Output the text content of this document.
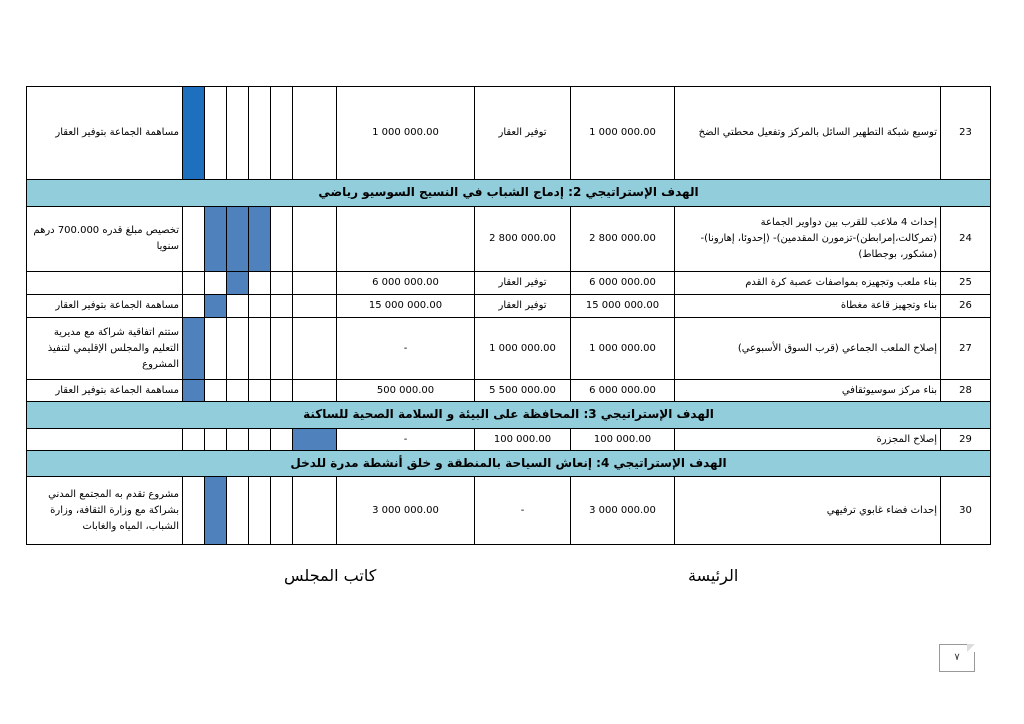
مساهمة الجماعة بتوفير العقار							1 000 000.00	توفير العقار	1 000 000.00	توسيع شبكة التطهير السائل بالمركز وتفعيل محطتي الضخ	23
الهدف الإستراتيجي 2: إدماج الشباب في النسيج السوسيو رياضي											
تخصيص مبلغ قدره 700.000 درهم سنويا								2 800 000.00	2 800 000.00	إحداث 4 ملاعب للقرب بين دواوير الجماعة (تمركالت،إمرابطن)-تزمورن المقدمين)- (إحدوئا، إهارونا)-(مشكور، بوجطاط)	24
							6 000 000.00	توفير العقار	6 000 000.00	بناء ملعب وتجهيزه بمواصفات عصبة كرة القدم	25
مساهمة الجماعة بتوفير العقار							15 000 000.00	توفير العقار	15 000 000.00	بناء وتجهيز قاعة مغطاة	26
ستتم اتفاقية شراكة مع مديرية التعليم والمجلس الإقليمي لتنفيذ المشروع							-	1 000 000.00	1 000 000.00	إصلاح الملعب الجماعي (قرب السوق الأسبوعي)	27
مساهمة الجماعة بتوفير العقار							500 000.00	5 500 000.00	6 000 000.00	بناء مركز سوسيوثقافي	28
الهدف الإستراتيجي 3: المحافظة على البيئة و السلامة الصحية للساكنة											
							-	100 000.00	100 000.00	إصلاح المجزرة	29
الهدف الإستراتيجي 4: إنعاش السياحة بالمنطقة و خلق أنشطة مدرة للدخل											
مشروع تقدم به المجتمع المدني بشراكة مع وزارة الثقافة، وزارة الشباب، المياه والغابات							3 000 000.00	-	3 000 000.00	إحداث فضاء غابوي ترفيهي	30
كاتب المجلس	الرئيسة
٧
